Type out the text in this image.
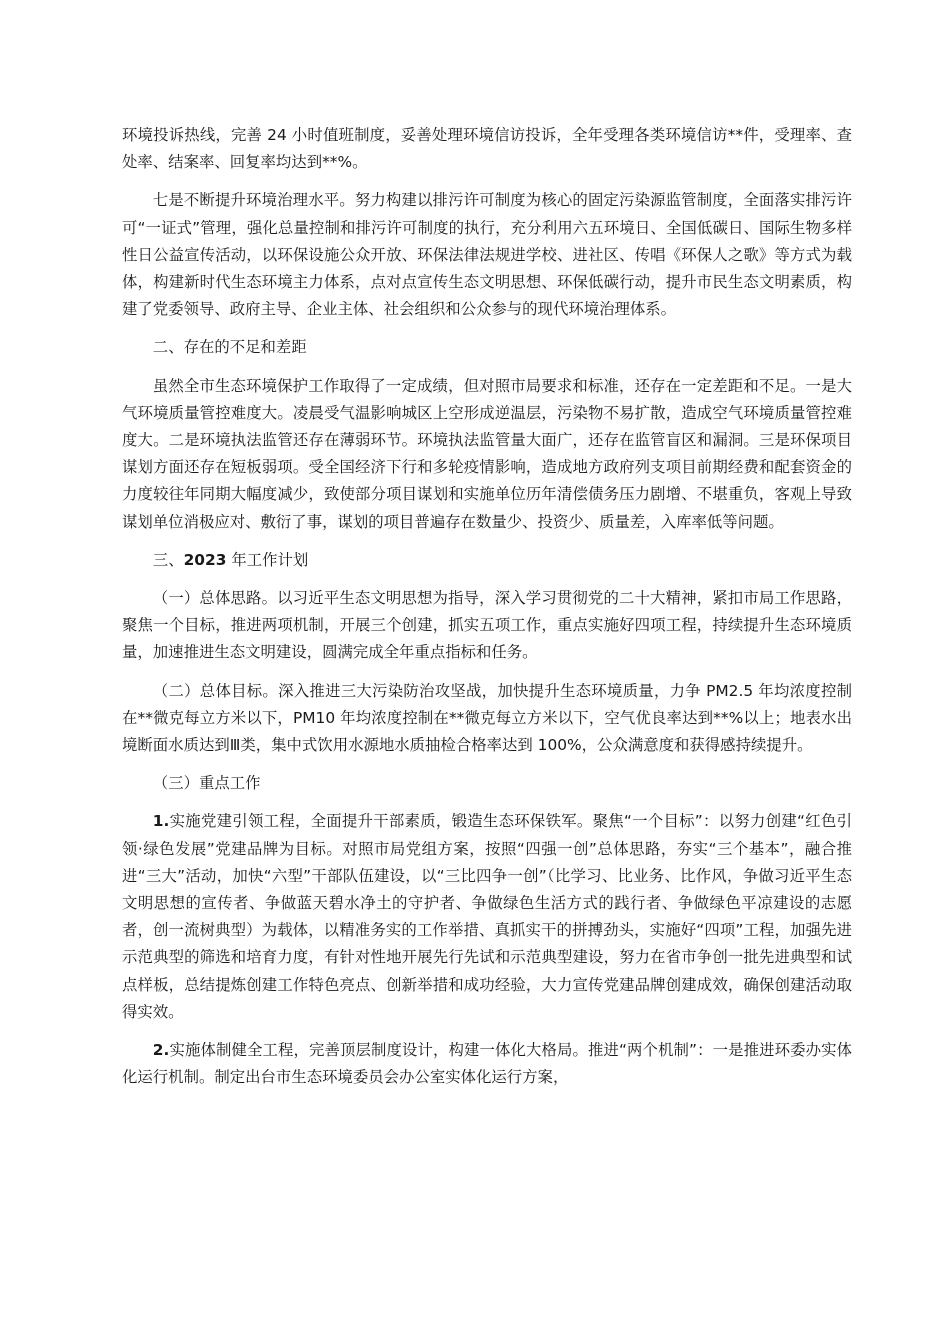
环境投诉热线，完善 24 小时值班制度，妥善处理环境信访投诉，全年受理各类环境信访**件，受理率、查处率、结案率、回复率均达到**%。

七是不断提升环境治理水平。努力构建以排污许可制度为核心的固定污染源监管制度，全面落实排污许可“一证式”管理，强化总量控制和排污许可制度的执行，充分利用六五环境日、全国低碳日、国际生物多样性日公益宣传活动，以环保设施公众开放、环保法律法规进学校、进社区、传唱《环保人之歌》等方式为载体，构建新时代生态环境主力体系，点对点宣传生态文明思想、环保低碳行动，提升市民生态文明素质，构建了党委领导、政府主导、企业主体、社会组织和公众参与的现代环境治理体系。

二、存在的不足和差距

虽然全市生态环境保护工作取得了一定成绩，但对照市局要求和标准，还存在一定差距和不足。一是大气环境质量管控难度大。凌晨受气温影响城区上空形成逆温层，污染物不易扩散，造成空气环境质量管控难度大。二是环境执法监管还存在薄弱环节。环境执法监管量大面广，还存在监管盲区和漏洞。三是环保项目谋划方面还存在短板弱项。受全国经济下行和多轮疫情影响，造成地方政府列支项目前期经费和配套资金的力度较往年同期大幅度减少，致使部分项目谋划和实施单位历年清偿债务压力剧增、不堪重负，客观上导致谋划单位消极应对、敷衍了事，谋划的项目普遍存在数量少、投资少、质量差，入库率低等问题。

三、2023 年工作计划

（一）总体思路。以习近平生态文明思想为指导，深入学习贯彻党的二十大精神，紧扣市局工作思路，聚焦一个目标，推进两项机制，开展三个创建，抓实五项工作，重点实施好四项工程，持续提升生态环境质量，加速推进生态文明建设，圆满完成全年重点指标和任务。

（二）总体目标。深入推进三大污染防治攻坚战，加快提升生态环境质量，力争 PM2.5 年均浓度控制在**微克每立方米以下，PM10 年均浓度控制在**微克每立方米以下，空气优良率达到**%以上；地表水出境断面水质达到Ⅲ类，集中式饮用水源地水质抽检合格率达到 100%，公众满意度和获得感持续提升。

（三）重点工作

1.实施党建引领工程，全面提升干部素质，锻造生态环保铁军。聚焦“一个目标”：以努力创建“红色引领·绿色发展”党建品牌为目标。对照市局党组方案，按照“四强一创”总体思路，夯实“三个基本”，融合推进“三大”活动，加快“六型”干部队伍建设，以“三比四争一创”（比学习、比业务、比作风，争做习近平生态文明思想的宣传者、争做蓝天碧水净土的守护者、争做绿色生活方式的践行者、争做绿色平凉建设的志愿者，创一流树典型）为载体，以精准务实的工作举措、真抓实干的拼搏劲头，实施好“四项”工程，加强先进示范典型的筛选和培育力度，有针对性地开展先行先试和示范典型建设，努力在省市争创一批先进典型和试点样板，总结提炼创建工作特色亮点、创新举措和成功经验，大力宣传党建品牌创建成效，确保创建活动取得实效。

2.实施体制健全工程，完善顶层制度设计，构建一体化大格局。推进“两个机制”：一是推进环委办实体化运行机制。制定出台市生态环境委员会办公室实体化运行方案，
